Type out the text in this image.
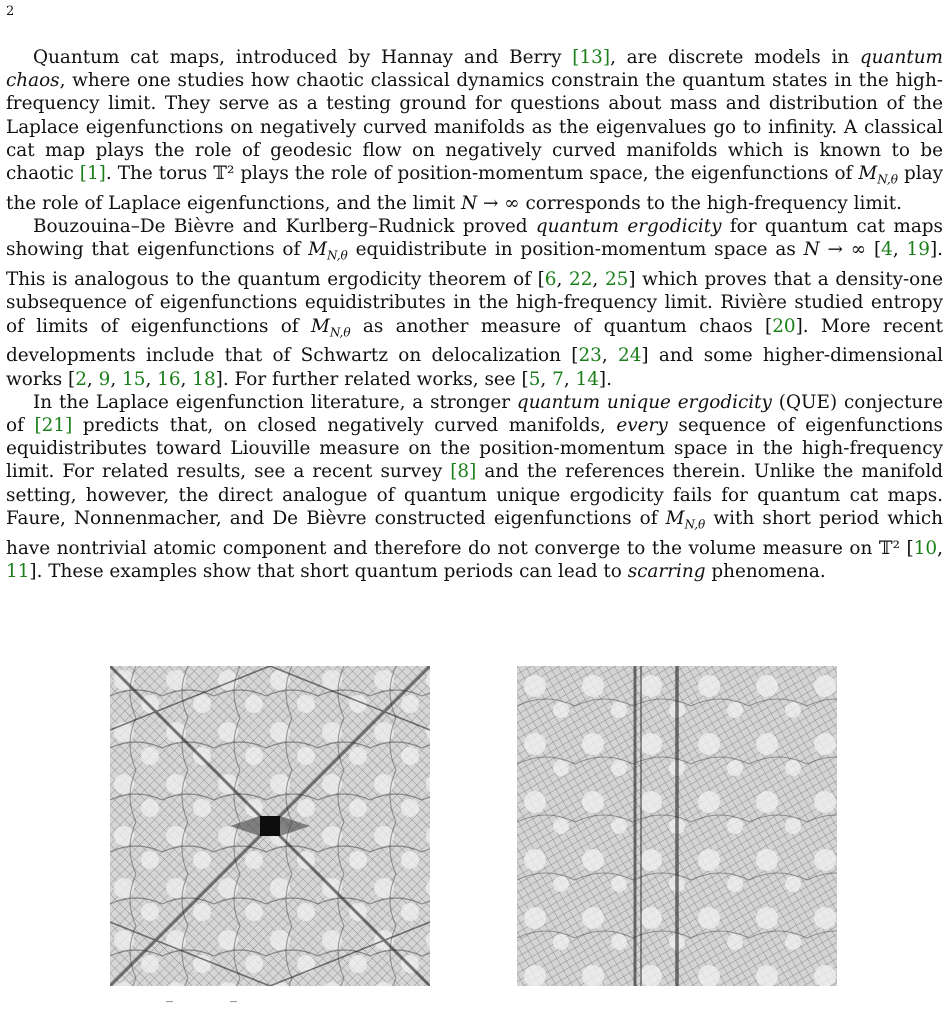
2

Quantum cat maps, introduced by Hannay and Berry [13], are discrete models in quantum chaos, where one studies how chaotic classical dynamics constrain the quantum states in the high-frequency limit. They serve as a testing ground for questions about mass and distribution of the Laplace eigenfunctions on negatively curved manifolds as the eigenvalues go to infinity. A classical cat map plays the role of geodesic flow on negatively curved manifolds which is known to be chaotic [1]. The torus 𝕋² plays the role of position-momentum space, the eigenfunctions of $M_{N,\theta}$ play the role of Laplace eigenfunctions, and the limit N → ∞ corresponds to the high-frequency limit.

Bouzouina–De Bièvre and Kurlberg–Rudnick proved quantum ergodicity for quantum cat maps showing that eigenfunctions of $M_{N,\theta}$ equidistribute in position-momentum space as N → ∞ [4, 19]. This is analogous to the quantum ergodicity theorem of [6, 22, 25] which proves that a density-one subsequence of eigenfunctions equidistributes in the high-frequency limit. Rivière studied entropy of limits of eigenfunctions of $M_{N,\theta}$ as another measure of quantum chaos [20]. More recent developments include that of Schwartz on delocalization [23, 24] and some higher-dimensional works [2, 9, 15, 16, 18]. For further related works, see [5, 7, 14].

In the Laplace eigenfunction literature, a stronger quantum unique ergodicity (QUE) conjecture of [21] predicts that, on closed negatively curved manifolds, every sequence of eigenfunctions equidistributes toward Liouville measure on the position-momentum space in the high-frequency limit. For related results, see a recent survey [8] and the references therein. Unlike the manifold setting, however, the direct analogue of quantum unique ergodicity fails for quantum cat maps. Faure, Nonnenmacher, and De Bièvre constructed eigenfunctions of $M_{N,\theta}$ with short period which have nontrivial atomic component and therefore do not converge to the volume measure on 𝕋² [10, 11]. These examples show that short quantum periods can lead to scarring phenomena.

‾	‾
